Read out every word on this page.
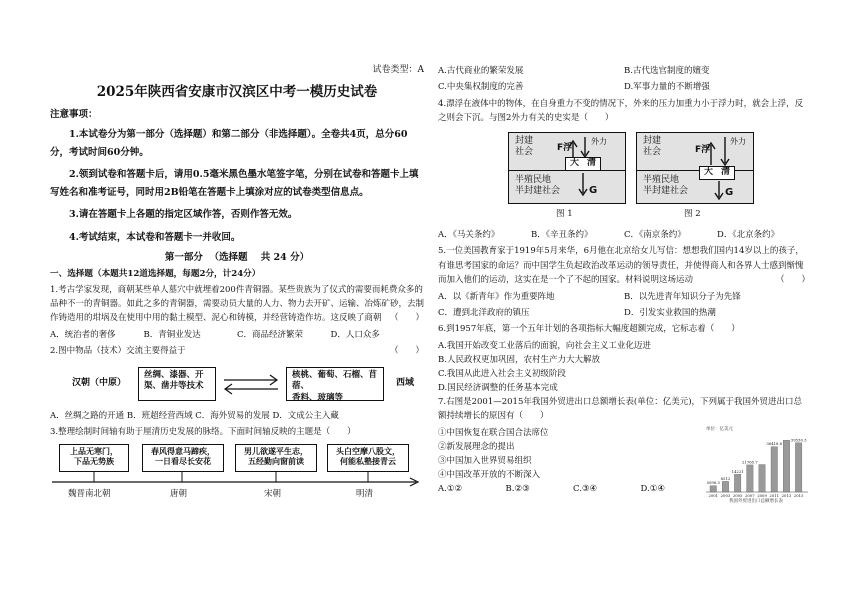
试卷类型：A
2025年陕西省安康市汉滨区中考一模历史试卷
注意事项：
1.本试卷分为第一部分（选择题）和第二部分（非选择题）。全卷共4页，总分60分，考试时间60分钟。
2.领到试卷和答题卡后，请用0.5毫米黑色墨水笔签字笔，分别在试卷和答题卡上填写姓名和准考证号，同时用2B铅笔在答题卡上填涂对应的试卷类型信息点。
3.请在答题卡上各题的指定区域作答，否则作答无效。
4.考试结束，本试卷和答题卡一并收回。
第一部分  （选择题    共 24 分）
一、选择题（本题共12道选择题，每题2分，计24分）
1.考古学家发现，商朝某些单人墓穴中就埋着200件青铜器。某些贵族为了仪式的需要而耗费众多的品种不一的青铜器。如此之多的青铜器，需要动员大量的人力、物力去开矿、运输、冶炼矿砂，去制作铸造用的坩埚及在使用中用的黏土模型、泥心和铸模，并经营铸造作坊。这反映了商朝 （　　）
A．统治者的奢侈	B．青铜业发达	C．商品经济繁荣	D．人口众多
2.图中物品（技术）交流主要得益于	（　　）
汉朝（中原）
丝绸、漆器、开
渠、凿井等技术
核桃、葡萄、石榴、苜蓿、
香料、玻璃等
西域
A．丝绸之路的开通 B．班超经营西域 C．海外贸易的发展 D．文成公主入藏
3.整理绘制时间轴有助于厘清历史发展的脉络。下面时间轴反映的主题是（　　）
上品无寒门，
下品无势族
春风得意马蹄疾，
一日看尽长安花
男儿欲遂平生志，
五经勤向窗前读
头白空摩八股文，
何能私塾接青云
魏晋南北朝	唐朝	宋朝	明清
A.古代商业的繁荣发展	B.古代选官制度的嬗变
C.中央集权制度的完善	D.军事力量的不断增强
4.漂浮在液体中的物体，在自身重力不变的情况下，外来的压力加重力小于浮力时，就会上浮，反之则会下沉。与图2外力有关的史实是（　　）
封建
社会
半殖民地
半封建社会
大 清
F浮
外力
G
封建
社会
半殖民地
半封建社会
大 清
F浮
外力
G
图 1	图 2
A．《马关条约》	B．《辛丑条约》	C．《南京条约》	D．《北京条约》
5.一位美国教育家于1919年5月来华，6月他在北京给女儿写信：想想我们国内14岁以上的孩子，有谁思考国家的命运？而中国学生负起政治改革运动的领导责任，并使得商人和各界人士感到惭愧而加入他们的运动，这实在是一个了不起的国家。材料说明这场运动	（　　）
A．以《新青年》作为重要阵地	B．以先进青年知识分子为先锋
C．遭到北洋政府的镇压	D．引发实业救国的热潮
6.到1957年底，第一个五年计划的各项指标大幅度超额完成，它标志着（　　）
A.我国开始改变工业落后的面貌，向社会主义工业化迈进
B.人民政权更加巩固，农村生产力大大解放
C.我国从此进入社会主义初级阶段
D.国民经济调整的任务基本完成
7.右图是2001—2015年我国外贸进出口总额增长表(单位：亿美元)，下列属于我国外贸进出口总额持续增长的原因有（　　）
单位：亿美元
我国外贸进出口总额增长表
5096.5
2001
8512
2003
14221
2005
21765.7
2007 2009
36418.6
2011 2013
39530.3
2015
①中国恢复在联合国合法席位
②新发展理念的提出
③中国加入世界贸易组织
④中国改革开放的不断深入
A.①②	B.②③	C.③④	D.①④
